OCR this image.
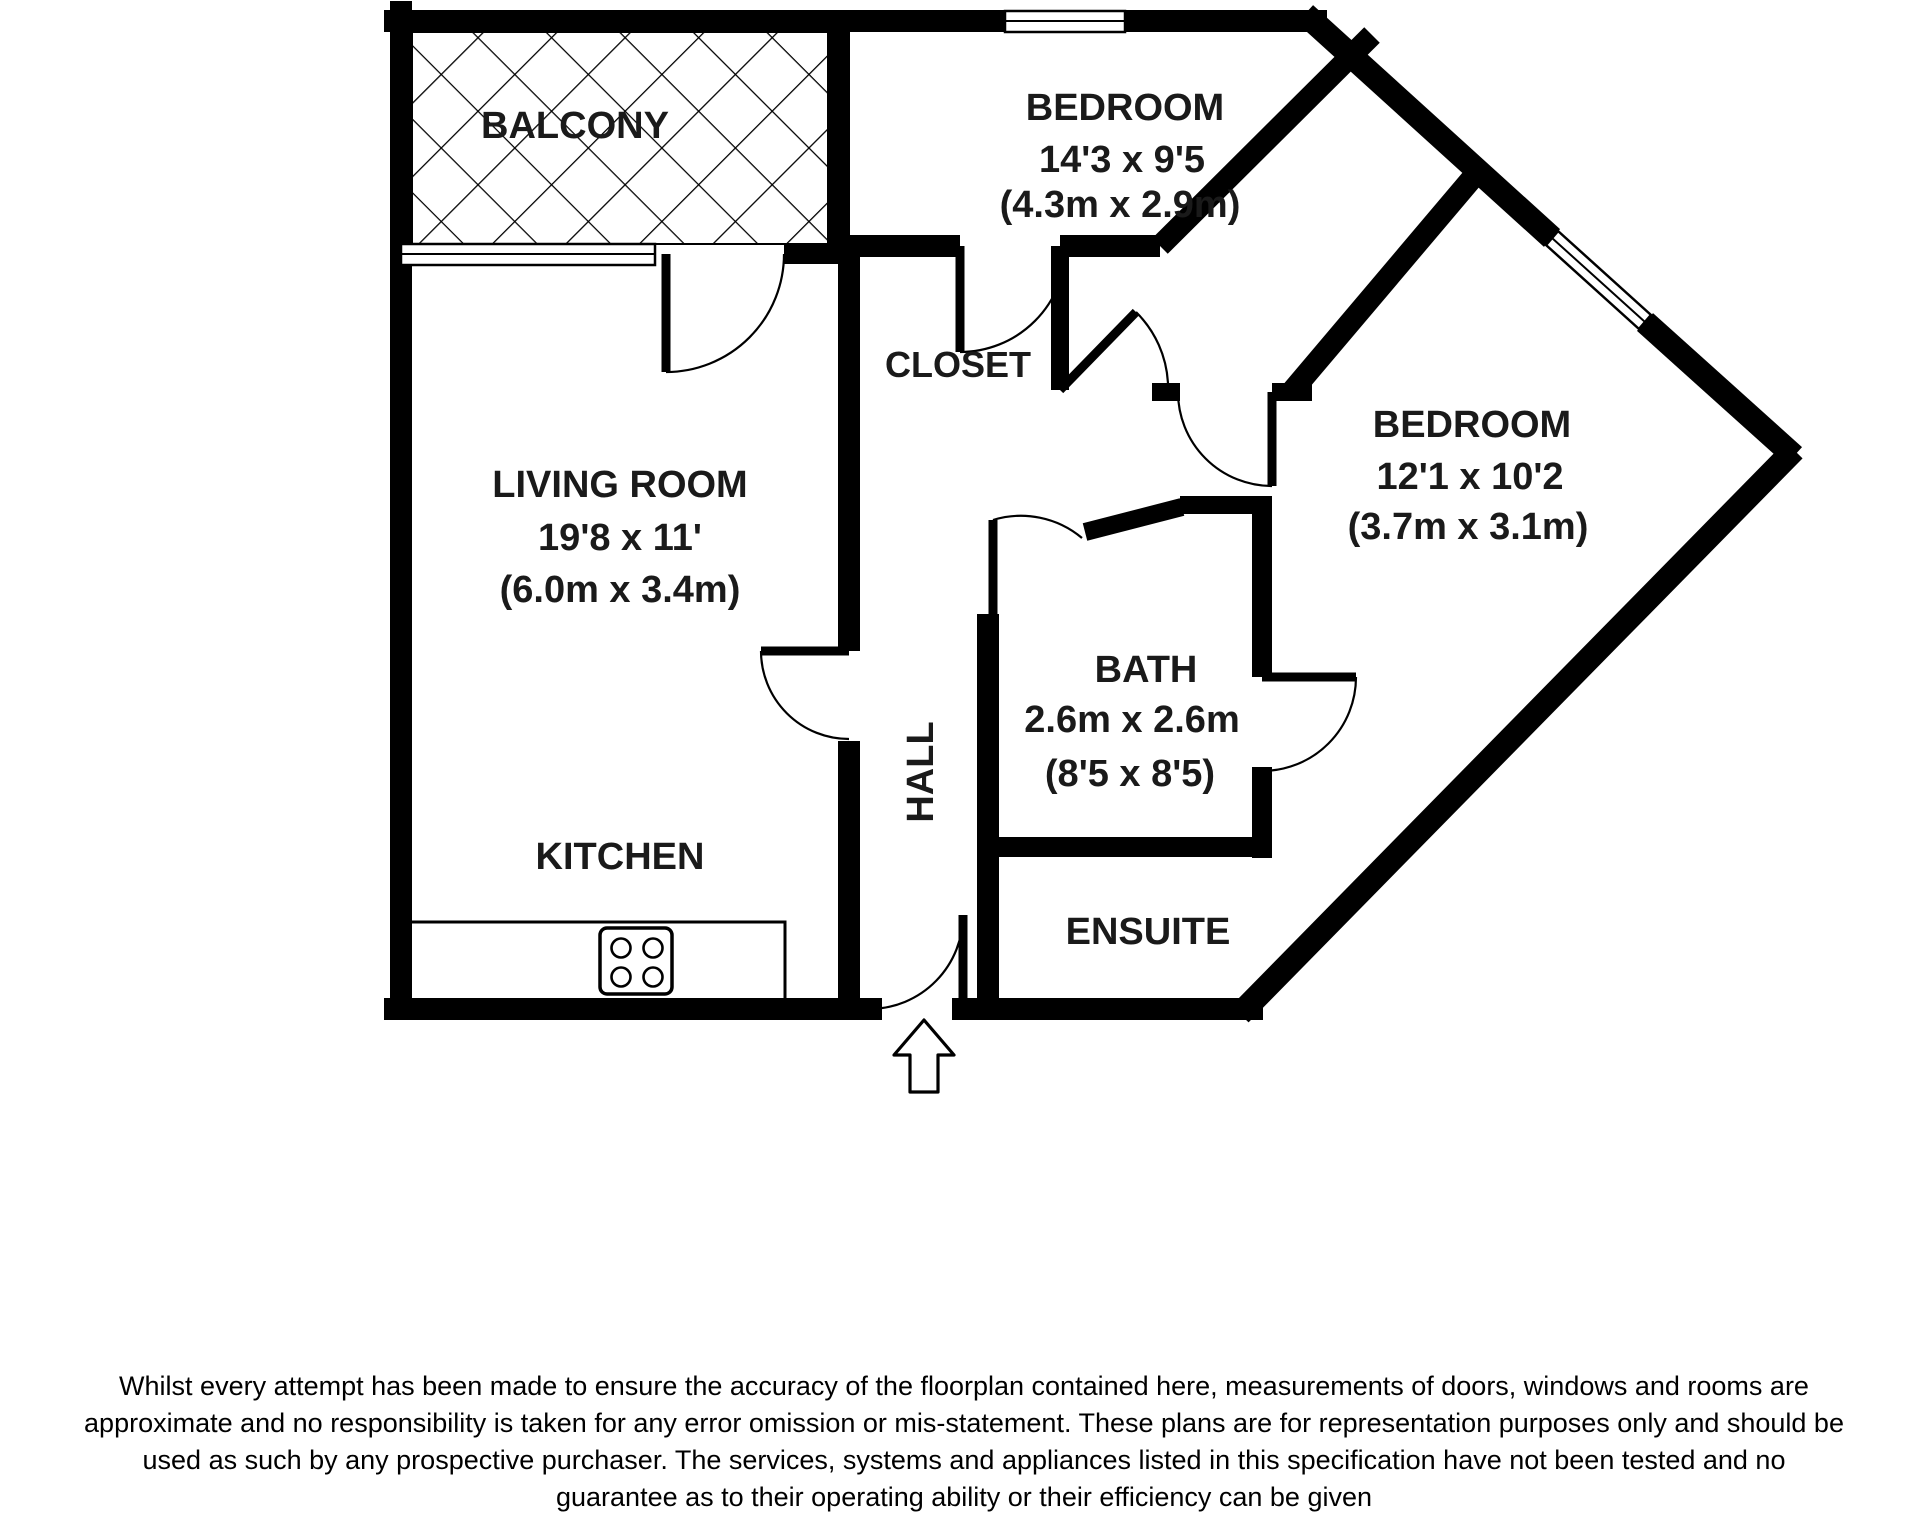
BALCONY	BEDROOM
14'3 x 9'5
(4.3m x 2.9m)
BEDROOM
12'1 x 10'2
(3.7m x 3.1m)
LIVING ROOM
19'8 x 11'
(6.0m x 3.4m)
CLOSET
BATH
2.6m x 2.6m
(8'5 x 8'5)
HALL
KITCHEN
ENSUITE
Whilst every attempt has been made to ensure the accuracy of the floorplan contained here, measurements of doors, windows and rooms are
approximate and no responsibility is taken for any error omission or mis-statement. These plans are for representation purposes only and should be
used as such by any prospective purchaser. The services, systems and appliances listed in this specification have not been tested and no
guarantee as to their operating ability or their efficiency can be given
